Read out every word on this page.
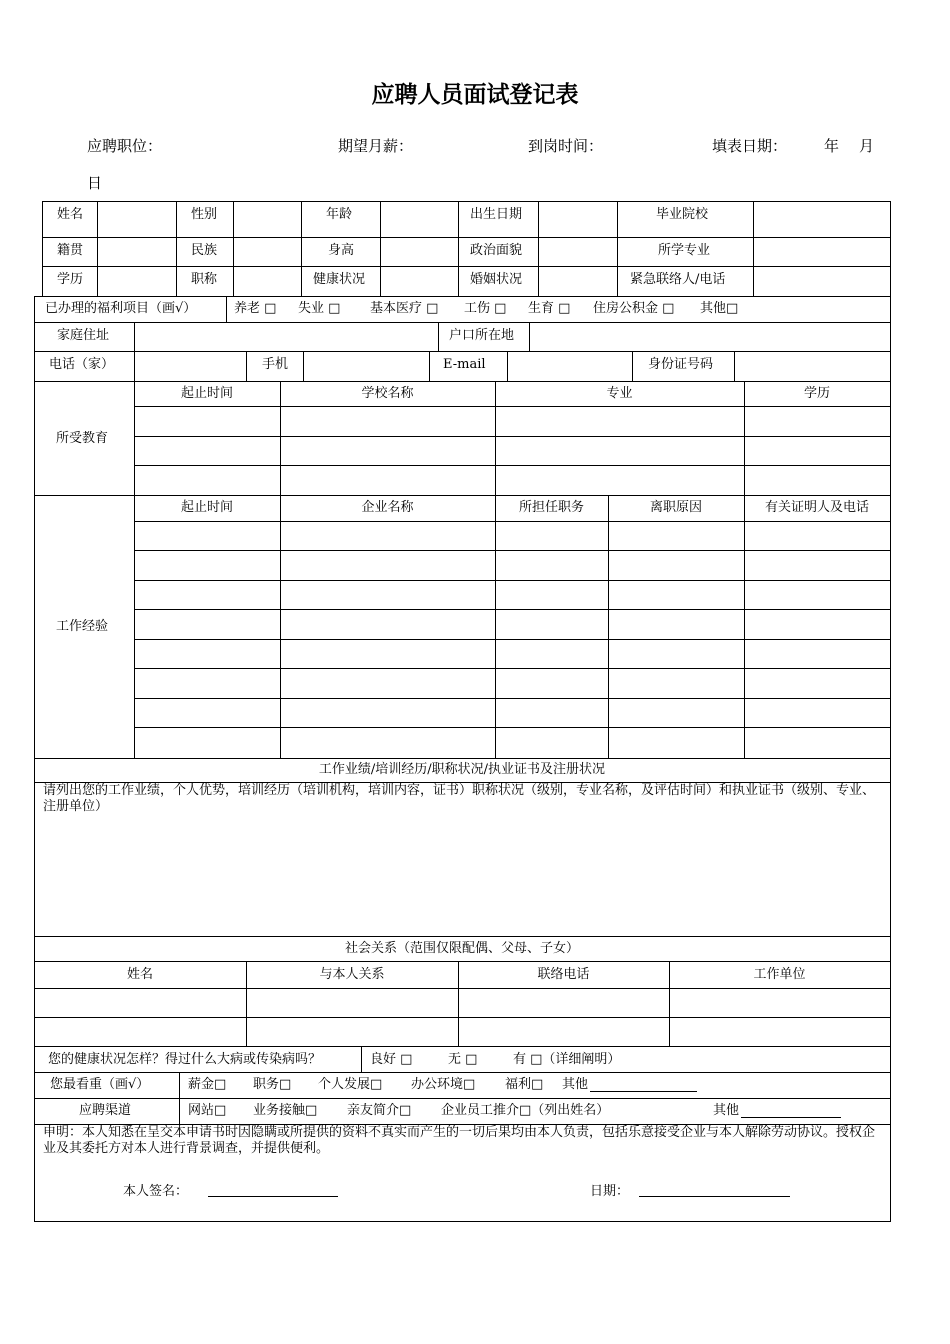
应聘人员面试登记表
应聘职位：	期望月薪：	到岗时间：	填表日期： 年 月
日
姓名	性别	年龄	出生日期	毕业院校
籍贯	民族	身高	政治面貌	所学专业
学历	职称	健康状况	婚姻状况	紧急联络人/电话
已办理的福利项目（画√）	养老 □ 失业 □ 基本医疗 □ 工伤 □ 生育 □ 住房公积金 □ 其他□
家庭住址	户口所在地
电话（家）	手机	E-mail	身份证号码
所受教育
起止时间	学校名称	专业	学历
工作经验
起止时间	企业名称	所担任职务	离职原因	有关证明人及电话
工作业绩/培训经历/职称状况/执业证书及注册状况
请列出您的工作业绩，个人优势，培训经历（培训机构，培训内容，证书）职称状况（级别，专业名称，及评估时间）和执业证书（级别、专业、注册单位）
社会关系（范围仅限配偶、父母、子女）
姓名	与本人关系	联络电话	工作单位
您的健康状况怎样？得过什么大病或传染病吗？	良好 □	无 □	有 □（详细阐明）
您最看重（画√）	薪金□ 职务□ 个人发展□ 办公环境□ 福利□ 其他
应聘渠道	网站□ 业务接触□ 亲友简介□ 企业员工推介□（列出姓名）	其他
申明：本人知悉在呈交本申请书时因隐瞒或所提供的资料不真实而产生的一切后果均由本人负责，包括乐意接受企业与本人解除劳动协议。授权企业及其委托方对本人进行背景调查，并提供便利。
本人签名：	日期：
